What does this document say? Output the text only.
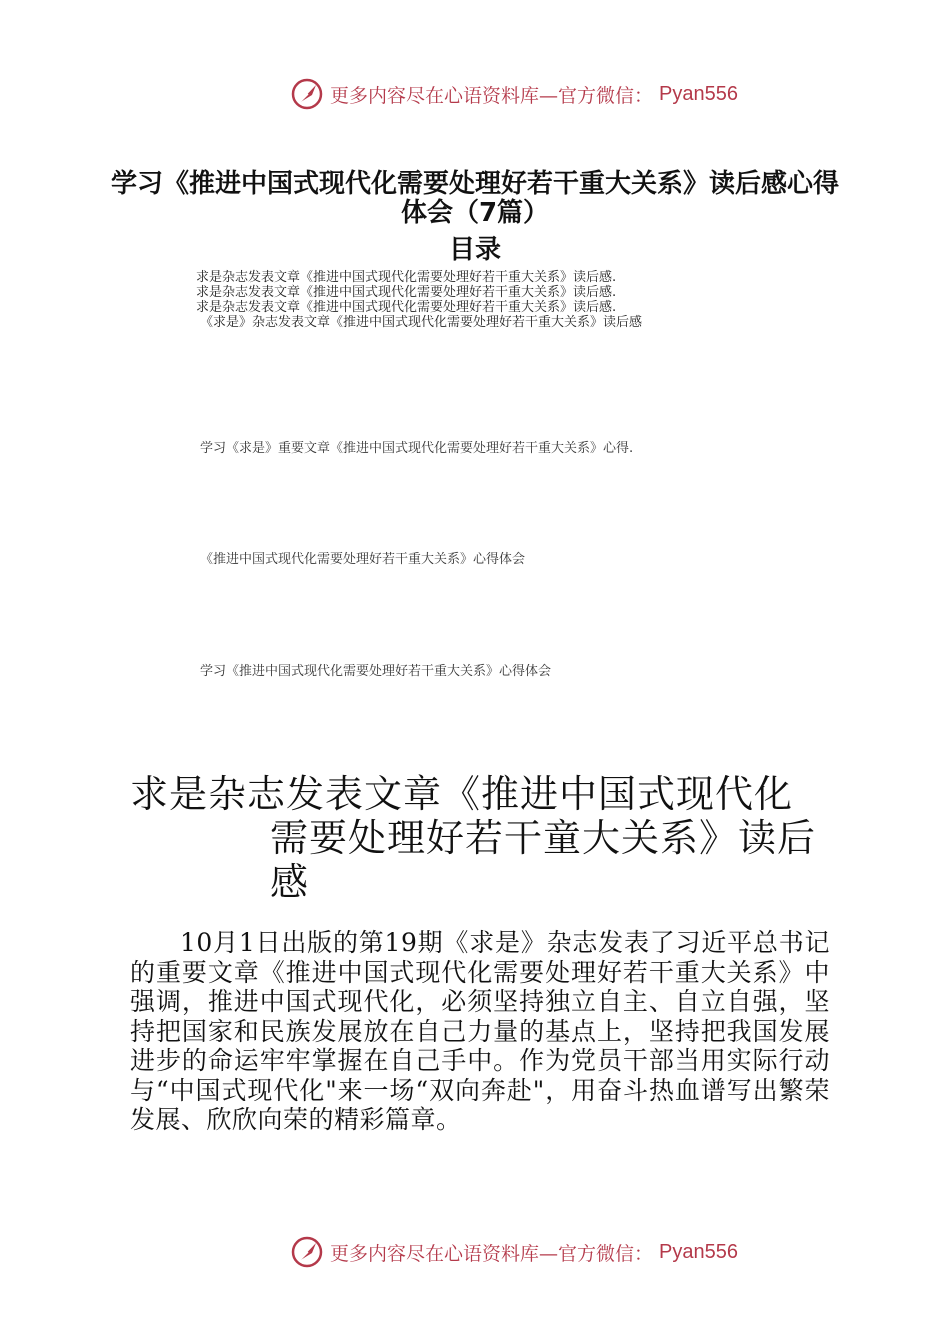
更多内容尽在心语资料库—官方微信： Pyan556
学习《推进中国式现代化需要处理好若干重大关系》读后感心得体会（7篇）
目录
求是杂志发表文章《推进中国式现代化需要处理好若干重大关系》读后感.
求是杂志发表文章《推进中国式现代化需要处理好若干重大关系》读后感.
求是杂志发表文章《推进中国式现代化需要处理好若干重大关系》读后感.
《求是》杂志发表文章《推进中国式现代化需要处理好若干重大关系》读后感
学习《求是》重要文章《推进中国式现代化需要处理好若干重大关系》心得.
《推进中国式现代化需要处理好若干重大关系》心得体会
学习《推进中国式现代化需要处理好若干重大关系》心得体会
求是杂志发表文章《推进中国式现代化
需要处理好若干童大关系》读后感
10月1日出版的第19期《求是》杂志发表了习近平总书记的重要文章《推进中国式现代化需要处理好若干重大关系》中强调，推进中国式现代化，必须坚持独立自主、自立自强，坚持把国家和民族发展放在自己力量的基点上，坚持把我国发展进步的命运牢牢掌握在自己手中。作为党员干部当用实际行动与“中国式现代化"来一场“双向奔赴"，用奋斗热血谱写出繁荣发展、欣欣向荣的精彩篇章。
更多内容尽在心语资料库—官方微信： Pyan556
